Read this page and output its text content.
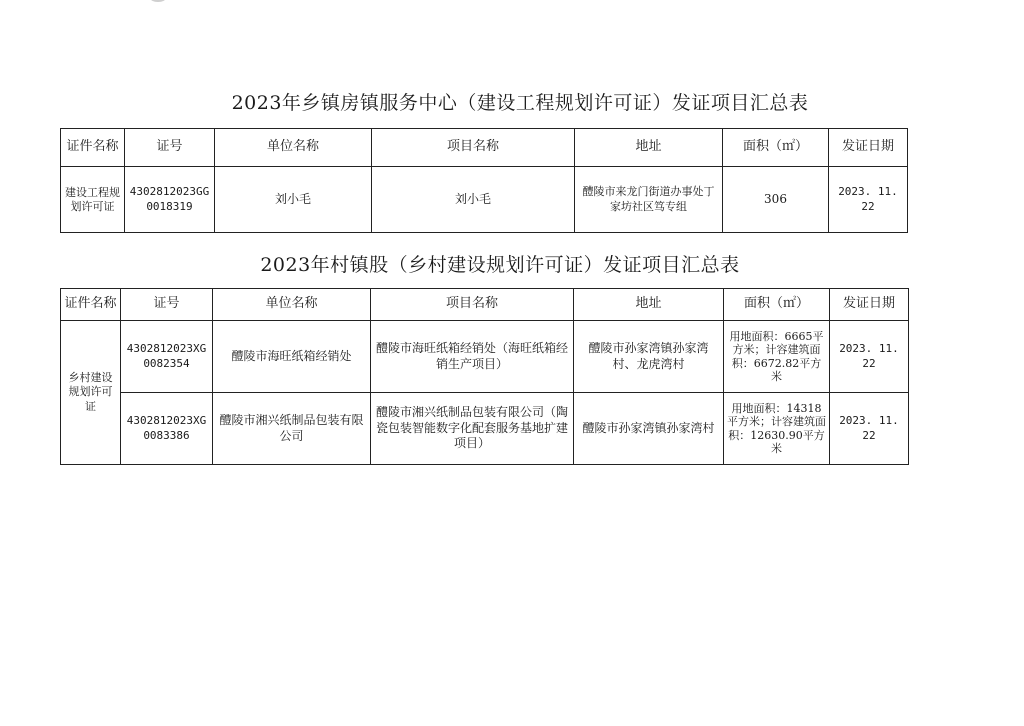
2023年乡镇房镇服务中心（建设工程规划许可证）发证项目汇总表
证件名称	证号	单位名称	项目名称	地址	面积（㎡）	发证日期
建设工程规划许可证	4302812023GG0018319	刘小毛	刘小毛	醴陵市来龙门街道办事处丁家坊社区笃专组	306	2023. 11. 22
2023年村镇股（乡村建设规划许可证）发证项目汇总表
证件名称	证号	单位名称	项目名称	地址	面积（㎡）	发证日期
乡村建设规划许可证	4302812023XG0082354	醴陵市海旺纸箱经销处	醴陵市海旺纸箱经销处（海旺纸箱经销生产项目）	醴陵市孙家湾镇孙家湾村、龙虎湾村	用地面积：6665平方米；计容建筑面积：6672.82平方米	2023. 11. 22
	4302812023XG0083386	醴陵市湘兴纸制品包装有限公司	醴陵市湘兴纸制品包装有限公司（陶瓷包装智能数字化配套服务基地扩建项目）	醴陵市孙家湾镇孙家湾村	用地面积：14318平方米；计容建筑面积：12630.90平方米	2023. 11. 22
